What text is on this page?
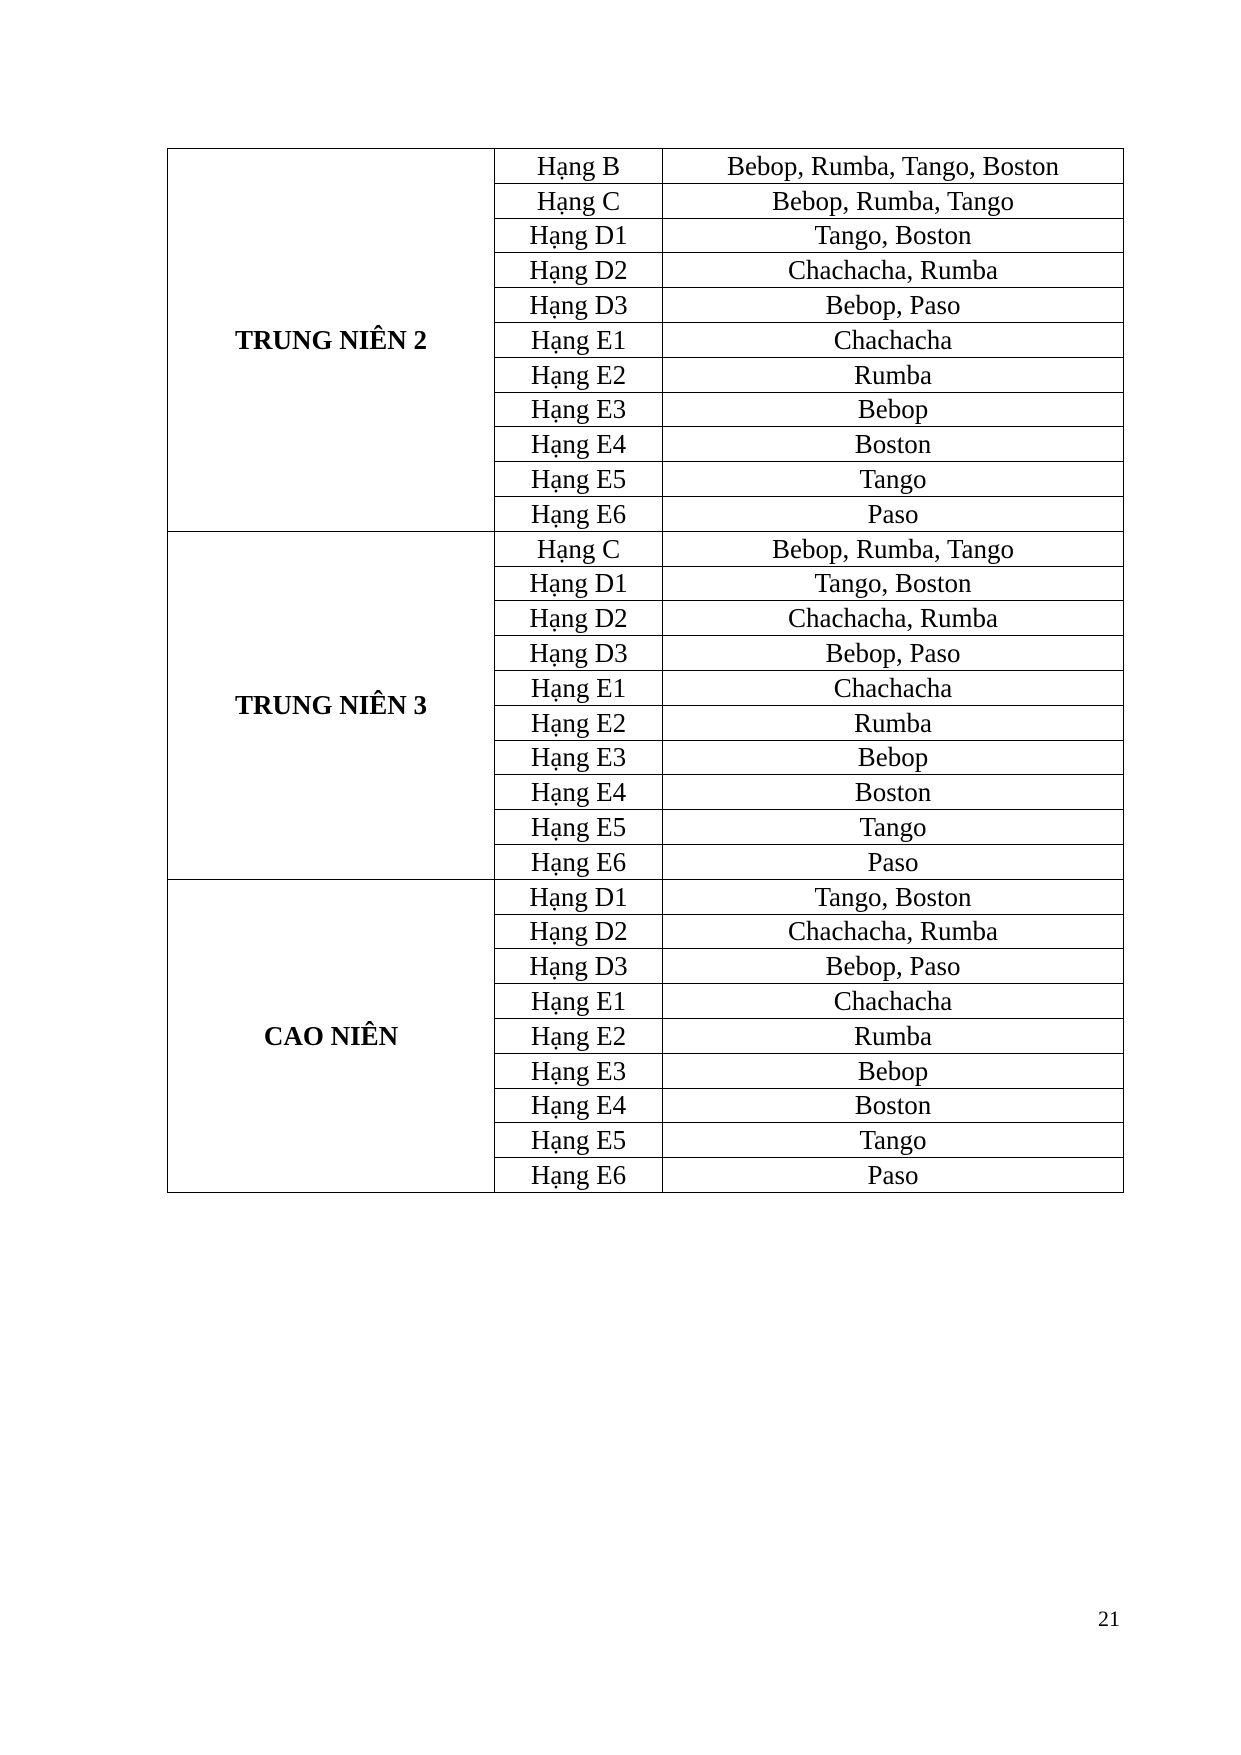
TRUNG NIÊN 2	Hạng B	Bebop, Rumba, Tango, Boston
	Hạng C	Bebop, Rumba, Tango
	Hạng D1	Tango, Boston
	Hạng D2	Chachacha, Rumba
	Hạng D3	Bebop, Paso
	Hạng E1	Chachacha
	Hạng E2	Rumba
	Hạng E3	Bebop
	Hạng E4	Boston
	Hạng E5	Tango
	Hạng E6	Paso
TRUNG NIÊN 3	Hạng C	Bebop, Rumba, Tango
	Hạng D1	Tango, Boston
	Hạng D2	Chachacha, Rumba
	Hạng D3	Bebop, Paso
	Hạng E1	Chachacha
	Hạng E2	Rumba
	Hạng E3	Bebop
	Hạng E4	Boston
	Hạng E5	Tango
	Hạng E6	Paso
CAO NIÊN	Hạng D1	Tango, Boston
	Hạng D2	Chachacha, Rumba
	Hạng D3	Bebop, Paso
	Hạng E1	Chachacha
	Hạng E2	Rumba
	Hạng E3	Bebop
	Hạng E4	Boston
	Hạng E5	Tango
	Hạng E6	Paso
21
